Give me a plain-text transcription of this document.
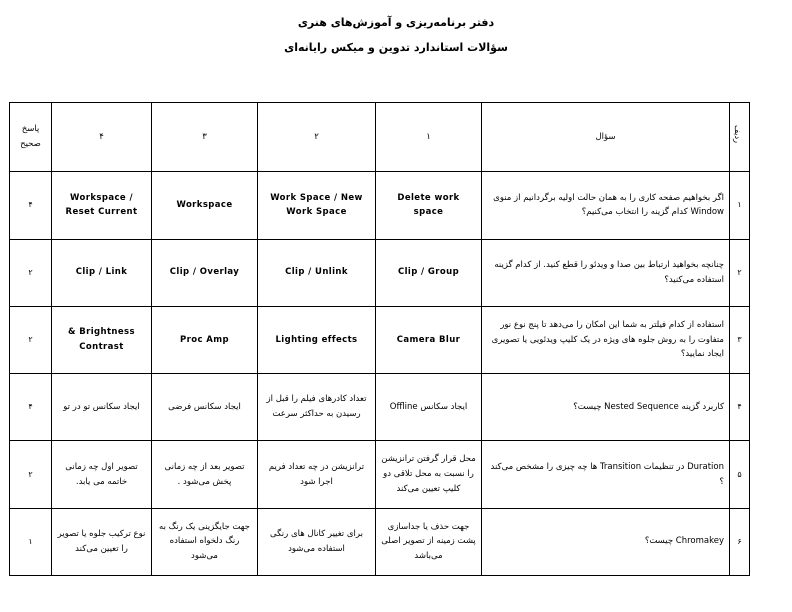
دفتر برنامه‌ریزی و آموزش‌های هنری
سؤالات استاندارد تدوین و میکس رایانه‌ای
ردیف	سؤال	۱	۲	۳	۴	پاسخ صحیح
۱	اگر بخواهیم صفحه کاری را به همان حالت اولیه برگردانیم از منوی Window کدام گزینه را انتخاب می‌کنیم؟	Delete work space	Work Space / New Work Space	Workspace	Workspace / Reset Current	۴
۲	چنانچه بخواهید ارتباط بین صدا و ویدئو را قطع کنید. از کدام گزینه استفاده می‌کنید؟	Clip / Group	Clip / Unlink	Clip / Overlay	Clip / Link	۲
۳	استفاده از کدام فیلتر به شما این امکان را می‌دهد تا پنج نوع نور متفاوت را به روش جلوه های ویژه در یک کلیپ ویدئویی یا تصویری ایجاد نمایید؟	Camera Blur	Lighting effects	Proc Amp	& Brightness Contrast	۲
۴	کاربرد گزینه Nested Sequence چیست؟	ایجاد سکانس Offline	تعداد کادرهای فیلم را قبل از رسیدن به حداکثر سرعت	ایجاد سکانس فرضی	ایجاد سکانس تو در تو	۴
۵	Duration در تنظیمات Transition ها چه چیزی را مشخص می‌کند ؟	محل قرار گرفتن ترانزیشن را نسبت به محل تلاقی دو کلیپ تعیین می‌کند	ترانزیشن در چه تعداد فریم اجرا شود	تصویر بعد از چه زمانی پخش می‌شود .	تصویر اول چه زمانی خاتمه می یابد.	۲
۶	Chromakey چیست؟	جهت حذف یا جداسازی پشت زمینه از تصویر اصلی می‌باشد	برای تغییر کانال های رنگی استفاده می‌شود	جهت جایگزینی یک رنگ به رنگ دلخواه استفاده می‌شود	نوع ترکیب جلوه یا تصویر را تعیین می‌کند	۱
